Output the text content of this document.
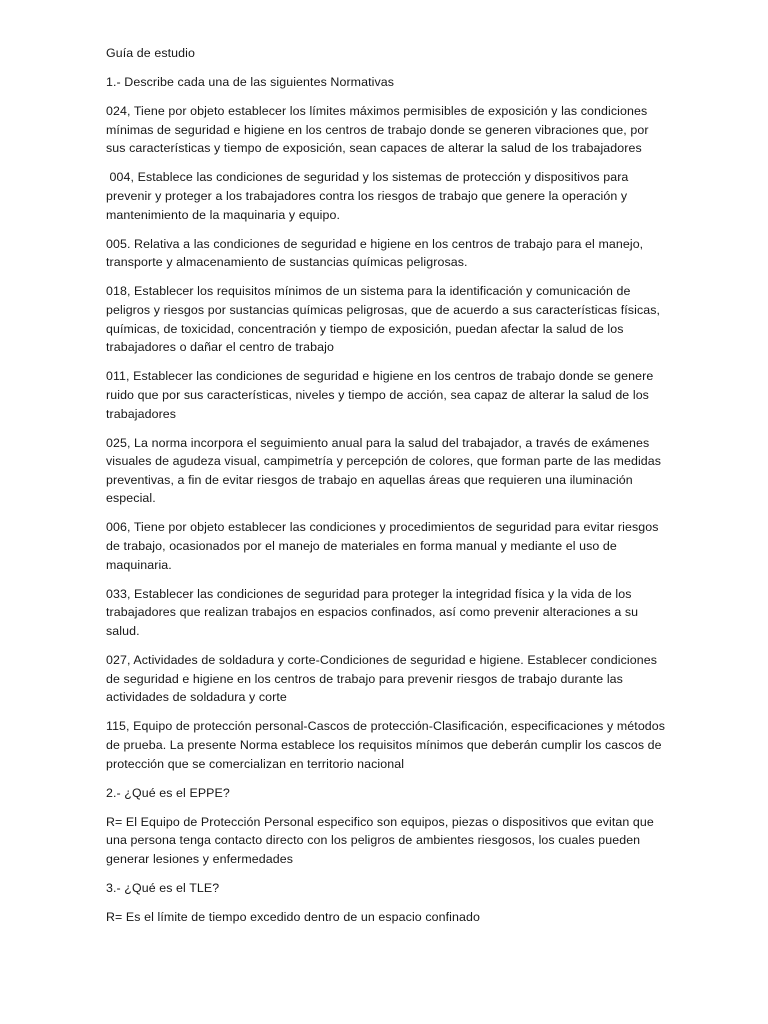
Guía de estudio

1.- Describe cada una de las siguientes Normativas

024, Tiene por objeto establecer los límites máximos permisibles de exposición y las condiciones mínimas de seguridad e higiene en los centros de trabajo donde se generen vibraciones que, por sus características y tiempo de exposición, sean capaces de alterar la salud de los trabajadores

004, Establece las condiciones de seguridad y los sistemas de protección y dispositivos para prevenir y proteger a los trabajadores contra los riesgos de trabajo que genere la operación y mantenimiento de la maquinaria y equipo.

005. Relativa a las condiciones de seguridad e higiene en los centros de trabajo para el manejo, transporte y almacenamiento de sustancias químicas peligrosas.

018, Establecer los requisitos mínimos de un sistema para la identificación y comunicación de peligros y riesgos por sustancias químicas peligrosas, que de acuerdo a sus características físicas, químicas, de toxicidad, concentración y tiempo de exposición, puedan afectar la salud de los trabajadores o dañar el centro de trabajo

011, Establecer las condiciones de seguridad e higiene en los centros de trabajo donde se genere ruido que por sus características, niveles y tiempo de acción, sea capaz de alterar la salud de los trabajadores

025, La norma incorpora el seguimiento anual para la salud del trabajador, a través de exámenes visuales de agudeza visual, campimetría y percepción de colores, que forman parte de las medidas preventivas, a fin de evitar riesgos de trabajo en aquellas áreas que requieren una iluminación especial.

006, Tiene por objeto establecer las condiciones y procedimientos de seguridad para evitar riesgos de trabajo, ocasionados por el manejo de materiales en forma manual y mediante el uso de maquinaria.

033, Establecer las condiciones de seguridad para proteger la integridad física y la vida de los trabajadores que realizan trabajos en espacios confinados, así como prevenir alteraciones a su salud.

027, Actividades de soldadura y corte-Condiciones de seguridad e higiene. Establecer condiciones de seguridad e higiene en los centros de trabajo para prevenir riesgos de trabajo durante las actividades de soldadura y corte

115, Equipo de protección personal-Cascos de protección-Clasificación, especificaciones y métodos de prueba. La presente Norma establece los requisitos mínimos que deberán cumplir los cascos de protección que se comercializan en territorio nacional

2.- ¿Qué es el EPPE?

R= El Equipo de Protección Personal especifico son equipos, piezas o dispositivos que evitan que una persona tenga contacto directo con los peligros de ambientes riesgosos, los cuales pueden generar lesiones y enfermedades

3.- ¿Qué es el TLE?

R= Es el límite de tiempo excedido dentro de un espacio confinado
